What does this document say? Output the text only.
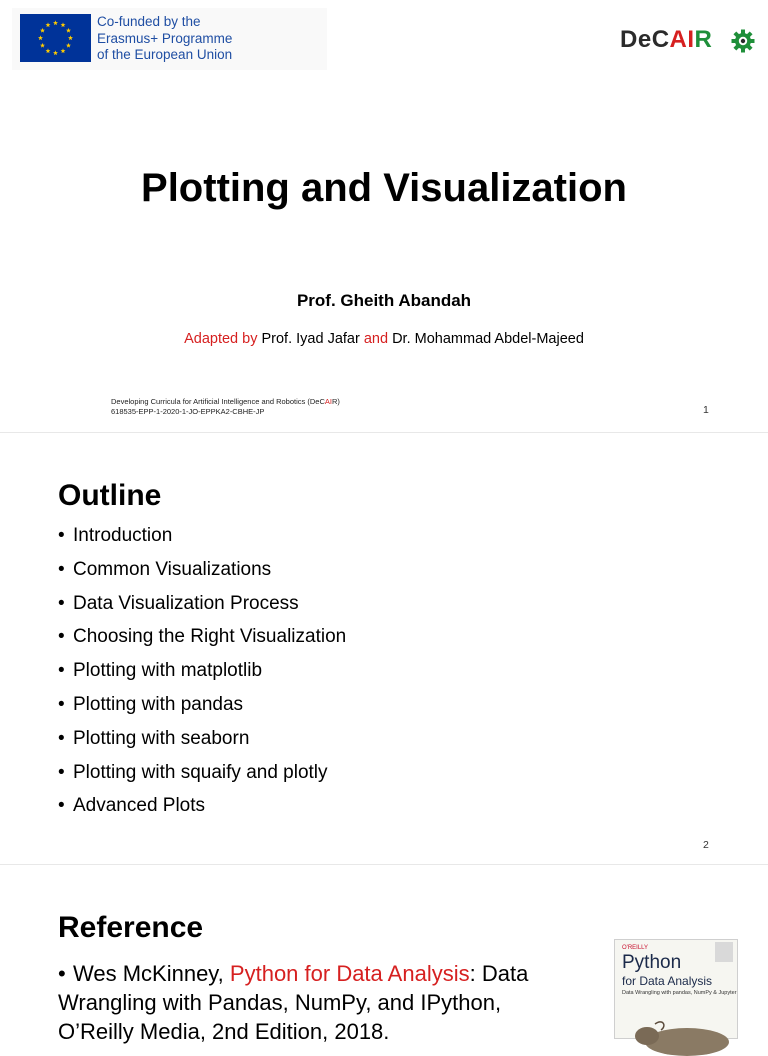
Co-funded by the
Erasmus+ Programme
of the European Union
DeCAIR
Plotting and Visualization
Prof. Gheith Abandah
Adapted by Prof. Iyad Jafar and Dr. Mohammad Abdel-Majeed
Developing Curricula for Artificial Intelligence and Robotics (DeCAIR)
618535-EPP-1-2020-1-JO-EPPKA2-CBHE-JP	1
Outline
• Introduction
• Common Visualizations
• Data Visualization Process
• Choosing the Right Visualization
• Plotting with matplotlib
• Plotting with pandas
• Plotting with seaborn
• Plotting with squaify and plotly
• Advanced Plots
2
Reference
• Wes McKinney, Python for Data Analysis: Data Wrangling with Pandas, NumPy, and IPython, O’Reilly Media, 2nd Edition, 2018.
O'REILLY
Python
for Data Analysis
Data Wrangling with pandas, NumPy & Jupyter
